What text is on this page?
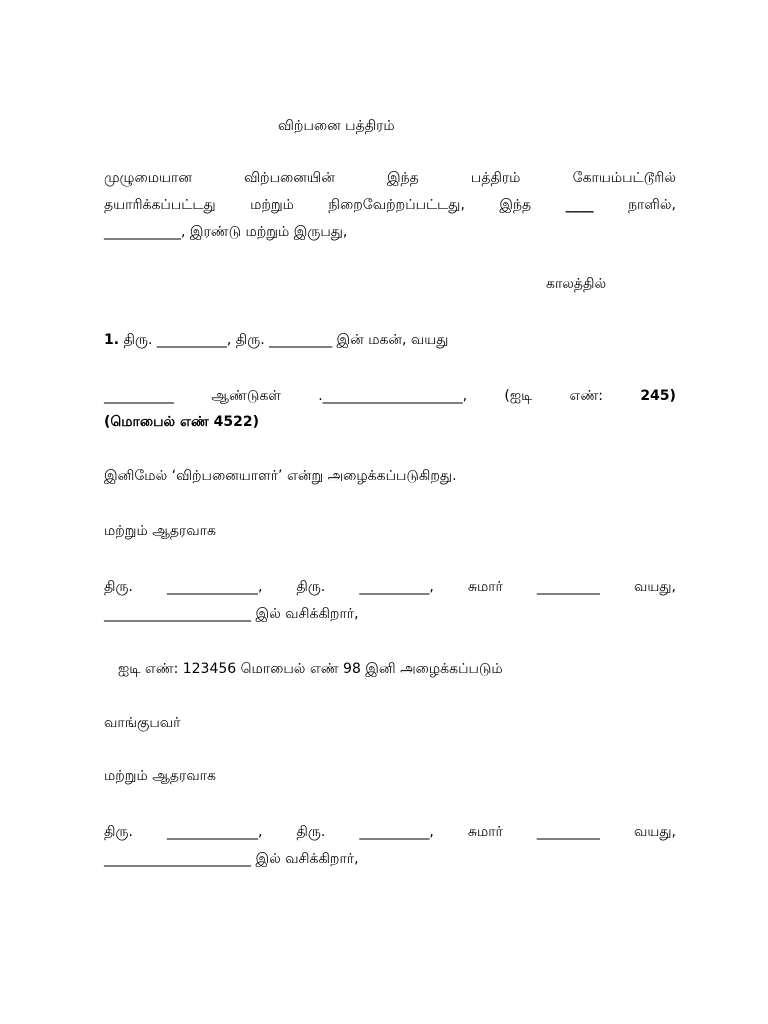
விற்பனை பத்திரம்
முழுமையான	விற்பனையின்	இந்த	பத்திரம்	கோயம்பட்டூரில்
தயாரிக்கப்பட்டது மற்றும் நிறைவேற்றப்பட்டது, இந்த ____ நாளில்,
___________, இரண்டு மற்றும் இருபது,
காலத்தில்
1. திரு. __________, திரு. _________ இன் மகன், வயது
__________	ஆண்டுகள்	.____________________,	(ஐடி	எண்:	245)
(மொபைல் எண் 4522)
இனிமேல் ‘விற்பனையாளர்’ என்று அழைக்கப்படுகிறது.
மற்றும் ஆதரவாக
திரு. _____________, திரு. __________, சுமார் _________ வயது,
_____________________ இல் வசிக்கிறார்,
ஐடி எண்: 123456 மொபைல் எண் 98 இனி அழைக்கப்படும்
வாங்குபவர்
மற்றும் ஆதரவாக
திரு. _____________, திரு. __________, சுமார் _________ வயது,
_____________________ இல் வசிக்கிறார்,
